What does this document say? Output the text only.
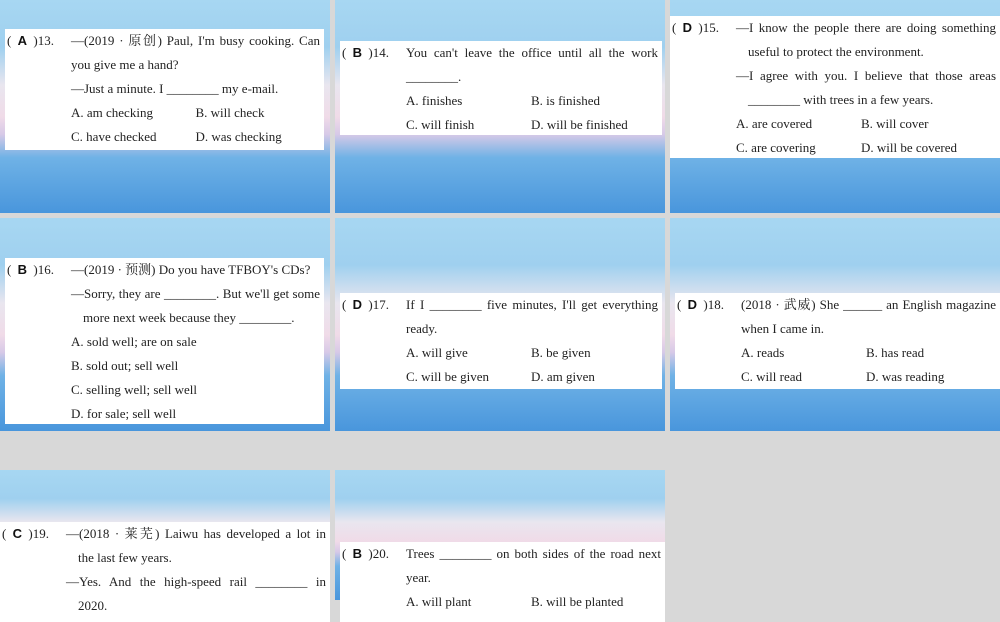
( A )13.	—(2019 · 原创) Paul, I'm busy cooking. Can
you give me a hand?
—Just a minute. I ________ my e-mail.
A. am checking	B. will check
C. have checked	D. was checking
( B )14.	You can't leave the office until all the work
________.
A. finishes	B. is finished
C. will finish	D. will be finished
( D )15.	—I know the people there are doing something
useful to protect the environment.
—I agree with you. I believe that those areas
________ with trees in a few years.
A. are covered	B. will cover
C. are covering	D. will be covered
( B )16.	—(2019 · 预测) Do you have TFBOY's CDs?
—Sorry, they are ________. But we'll get some
more next week because they ________.
A. sold well; are on sale
B. sold out; sell well
C. selling well; sell well
D. for sale; sell well
( D )17.	If I ________ five minutes, I'll get everything
ready.
A. will give	B. be given
C. will be given	D. am given
( D )18.	(2018 · 武威) She ______ an English magazine
when I came in.
A. reads	B. has read
C. will read	D. was reading
( C )19.	—(2018 · 莱芜) Laiwu has developed a lot in
the last few years.
—Yes. And the high-speed rail ________ in
2020.
( B )20.	Trees ________ on both sides of the road next
year.
A. will plant	B. will be planted
